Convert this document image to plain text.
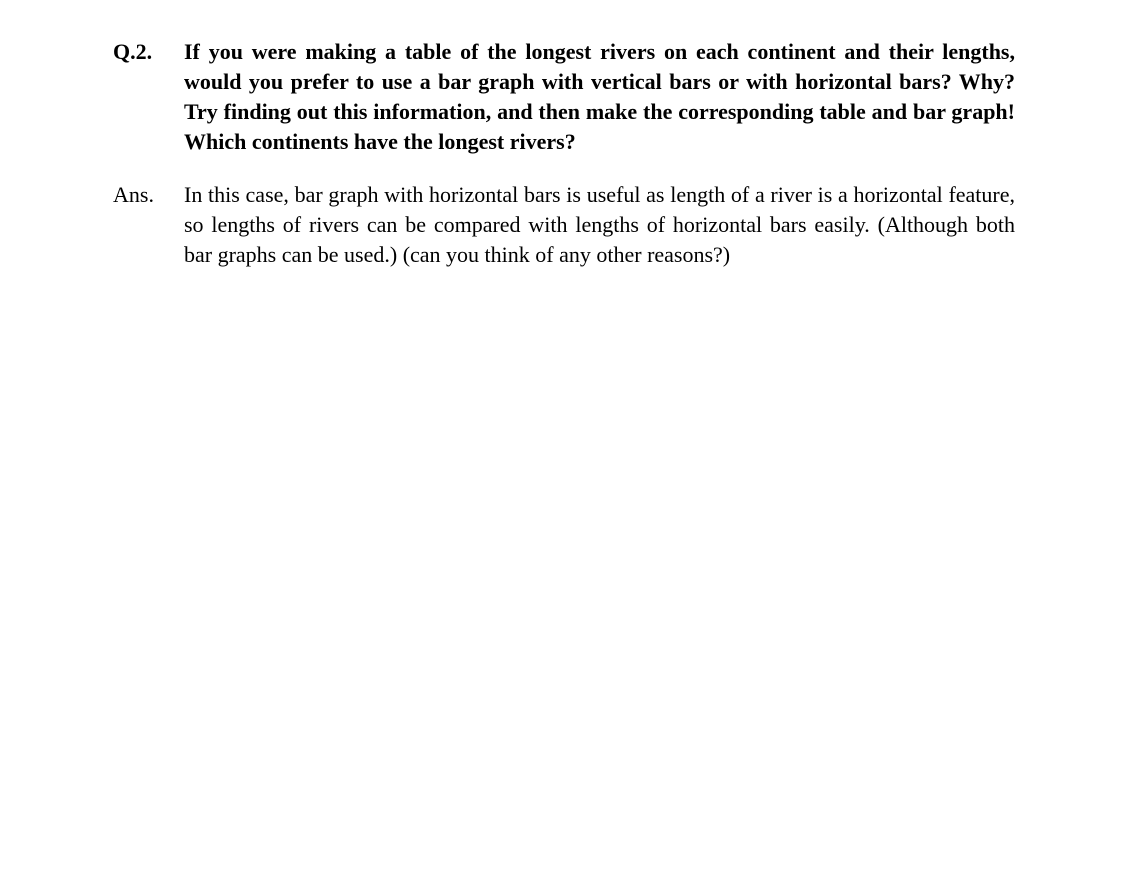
Q.2.	If you were making a table of the longest rivers on each continent and their lengths, would you prefer to use a bar graph with vertical bars or with horizontal bars? Why? Try finding out this information, and then make the corresponding table and bar graph! Which continents have the longest rivers?
Ans.	In this case, bar graph with horizontal bars is useful as length of a river is a horizontal feature, so lengths of rivers can be compared with lengths of horizontal bars easily. (Although both bar graphs can be used.) (can you think of any other reasons?)
